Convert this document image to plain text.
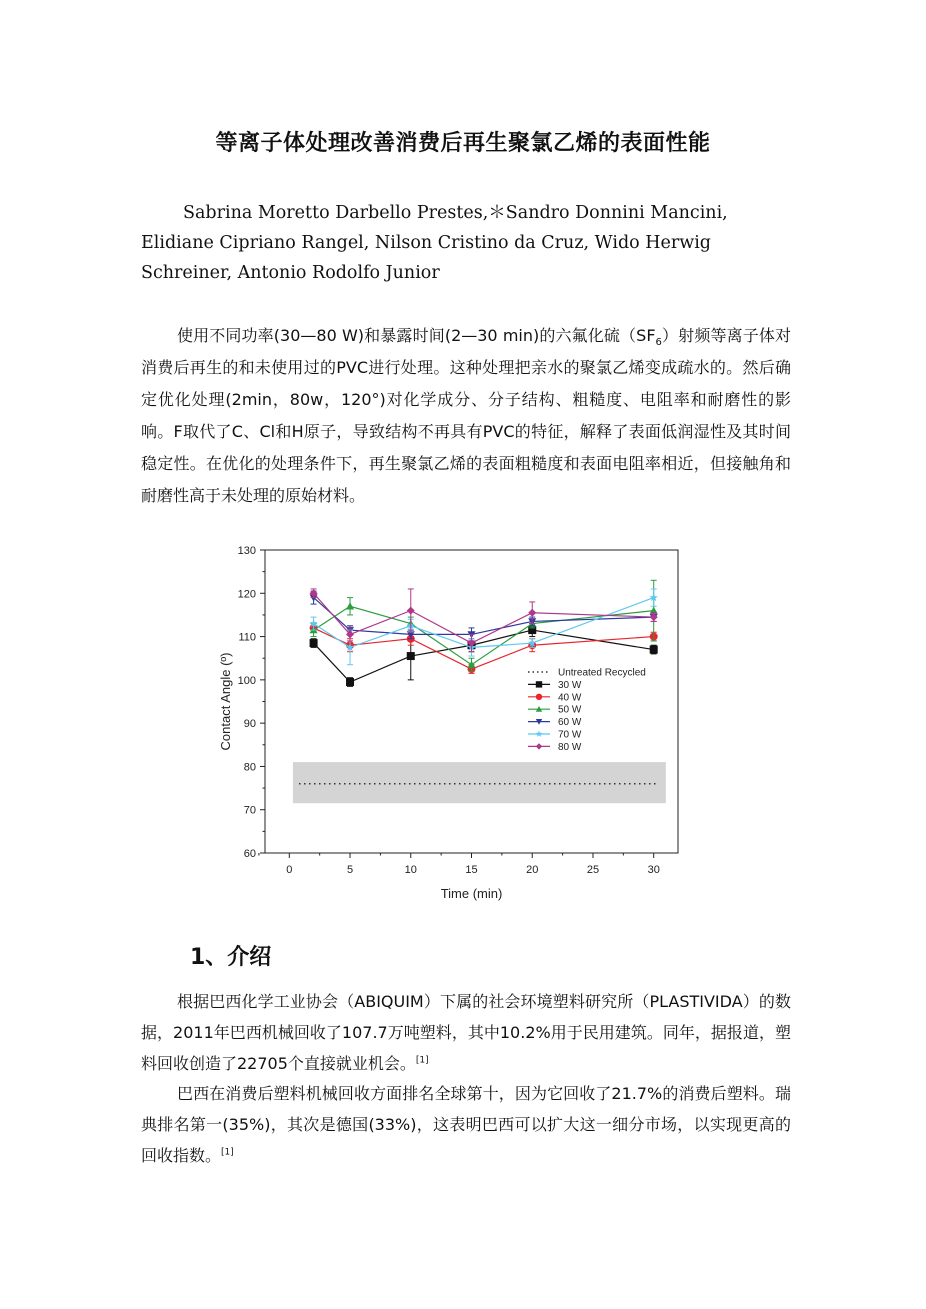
等离子体处理改善消费后再生聚氯乙烯的表面性能
Sabrina Moretto Darbello Prestes,＊Sandro Donnini Mancini,
Elidiane Cipriano Rangel, Nilson Cristino da Cruz, Wido Herwig
Schreiner, Antonio Rodolfo Junior
使用不同功率(30—80 W)和暴露时间(2—30 min)的六氟化硫$(SF_6)$射频等离子体对消费后再生的和未使用过的PVC进行处理。这种处理把亲水的聚氯乙烯变成疏水的。然后确定优化处理(2min，80w，120°)对化学成分、分子结构、粗糙度、电阻率和耐磨性的影响。F取代了C、Cl和H原子，导致结构不再具有PVC的特征，解释了表面低润湿性及其时间稳定性。在优化的处理条件下，再生聚氯乙烯的表面粗糙度和表面电阻率相近，但接触角和耐磨性高于未处理的原始材料。
60
70
80
90
100
110
120
130
0	5	10	15	20	25	30
Time (min)
Contact Angle (º)	Untreated Recycled
30 W
40 W
50 W
60 W
70 W
80 W
1、介绍
根据巴西化学工业协会（ABIQUIM）下属的社会环境塑料研究所（PLASTIVIDA）的数据，2011年巴西机械回收了107.7万吨塑料，其中10.2%用于民用建筑。同年，据报道，塑料回收创造了22705个直接就业机会。[1]
巴西在消费后塑料机械回收方面排名全球第十，因为它回收了21.7%的消费后塑料。瑞典排名第一(35%)，其次是德国(33%)，这表明巴西可以扩大这一细分市场，以实现更高的回收指数。[1]
